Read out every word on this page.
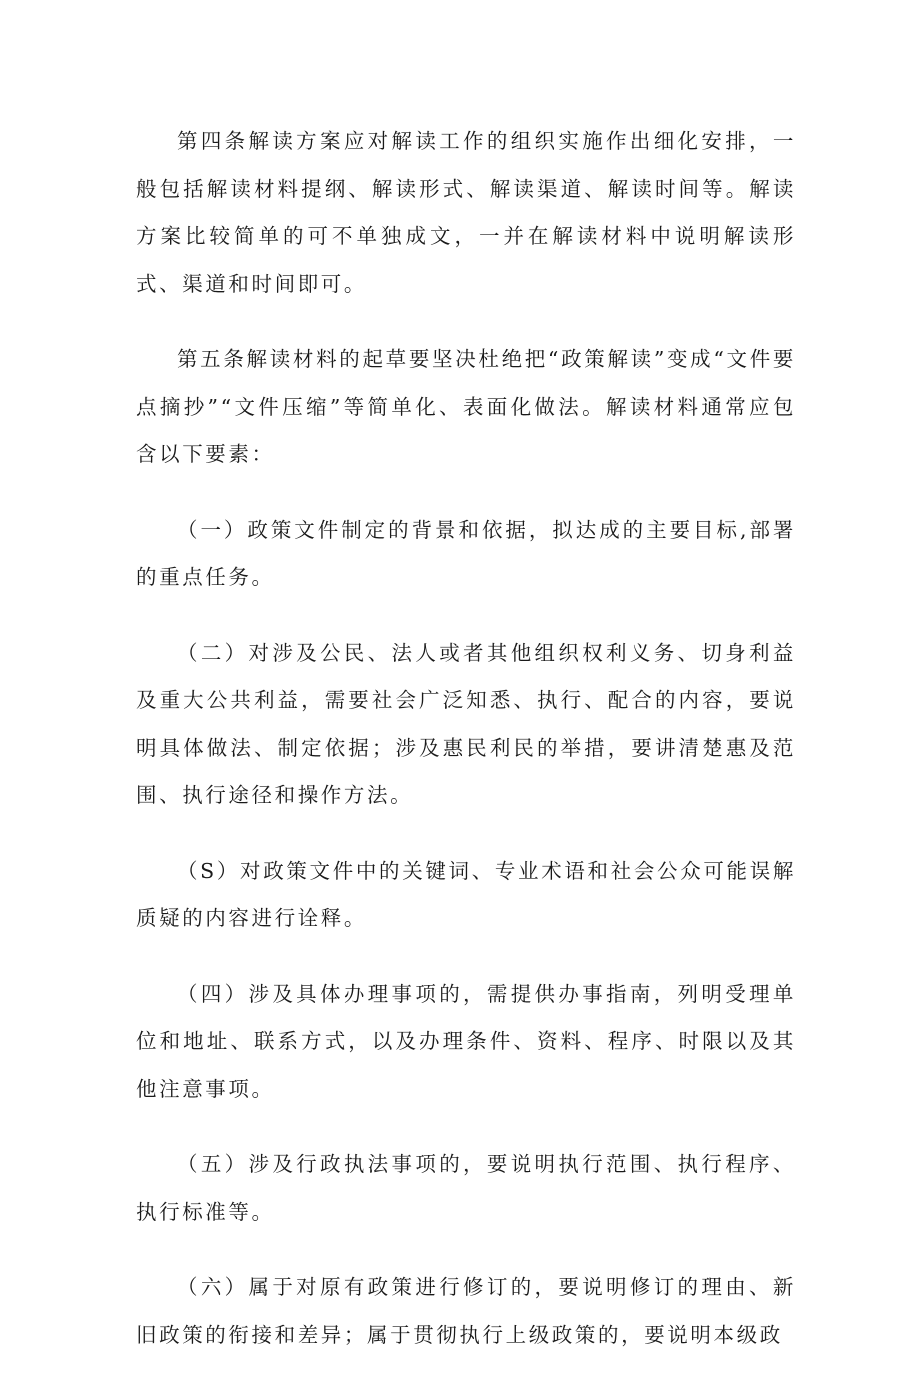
第四条解读方案应对解读工作的组织实施作出细化安排，一般包括解读材料提纲、解读形式、解读渠道、解读时间等。解读方案比较简单的可不单独成文，一并在解读材料中说明解读形式、渠道和时间即可。

第五条解读材料的起草要坚决杜绝把“政策解读”变成“文件要点摘抄”“文件压缩”等简单化、表面化做法。解读材料通常应包含以下要素：

（一）政策文件制定的背景和依据，拟达成的主要目标,部署的重点任务。

（二）对涉及公民、法人或者其他组织权利义务、切身利益及重大公共利益，需要社会广泛知悉、执行、配合的内容，要说明具体做法、制定依据；涉及惠民利民的举措，要讲清楚惠及范围、执行途径和操作方法。

（S）对政策文件中的关键词、专业术语和社会公众可能误解质疑的内容进行诠释。

（四）涉及具体办理事项的，需提供办事指南，列明受理单位和地址、联系方式，以及办理条件、资料、程序、时限以及其他注意事项。

（五）涉及行政执法事项的，要说明执行范围、执行程序、执行标准等。

（六）属于对原有政策进行修订的，要说明修订的理由、新旧政策的衔接和差异；属于贯彻执行上级政策的，要说明本级政
